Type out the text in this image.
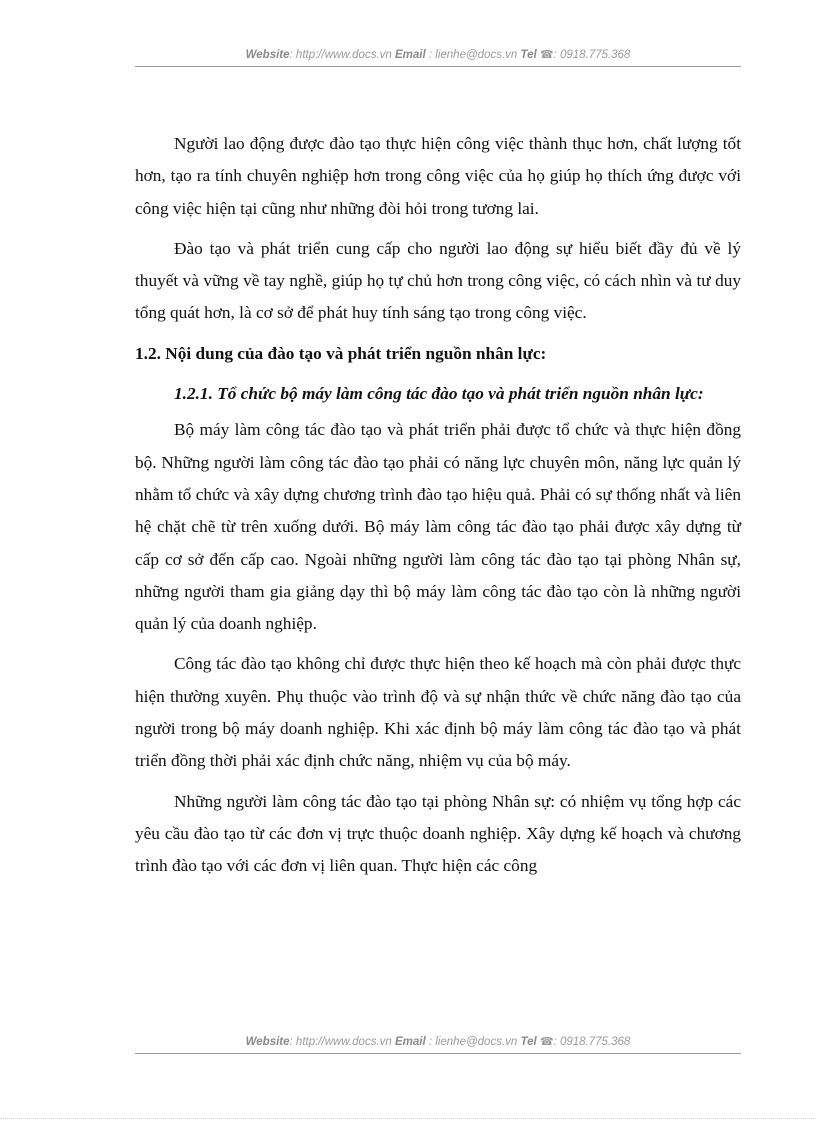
Website: http://www.docs.vn Email : lienhe@docs.vn Tel ☎: 0918.775.368

Người lao động được đào tạo thực hiện công việc thành thục hơn, chất lượng tốt hơn, tạo ra tính chuyên nghiệp hơn trong công việc của họ giúp họ thích ứng được với công việc hiện tại cũng như những đòi hỏi trong tương lai.

Đào tạo và phát triển cung cấp cho người lao động sự hiểu biết đầy đủ về lý thuyết và vững về tay nghề, giúp họ tự chủ hơn trong công việc, có cách nhìn và tư duy tổng quát hơn, là cơ sở để phát huy tính sáng tạo trong công việc.

1.2. Nội dung của đào tạo và phát triển nguồn nhân lực:

1.2.1. Tổ chức bộ máy làm công tác đào tạo và phát triển nguồn nhân lực:

Bộ máy làm công tác đào tạo và phát triển phải được tổ chức và thực hiện đồng bộ. Những người làm công tác đào tạo phải có năng lực chuyên môn, năng lực quản lý nhằm tổ chức và xây dựng chương trình đào tạo hiệu quả. Phải có sự thống nhất và liên hệ chặt chẽ từ trên xuống dưới. Bộ máy làm công tác đào tạo phải được xây dựng từ cấp cơ sở đến cấp cao. Ngoài những người làm công tác đào tạo tại phòng Nhân sự, những người tham gia giảng dạy thì bộ máy làm công tác đào tạo còn là những người quản lý của doanh nghiệp.

Công tác đào tạo không chỉ được thực hiện theo kế hoạch mà còn phải được thực hiện thường xuyên. Phụ thuộc vào trình độ và sự nhận thức về chức năng đào tạo của người trong bộ máy doanh nghiệp. Khi xác định bộ máy làm công tác đào tạo và phát triển đồng thời phải xác định chức năng, nhiệm vụ của bộ máy.

Những người làm công tác đào tạo tại phòng Nhân sự: có nhiệm vụ tổng hợp các yêu cầu đào tạo từ các đơn vị trực thuộc doanh nghiệp. Xây dựng kế hoạch và chương trình đào tạo với các đơn vị liên quan. Thực hiện các công

Website: http://www.docs.vn Email : lienhe@docs.vn Tel ☎: 0918.775.368
